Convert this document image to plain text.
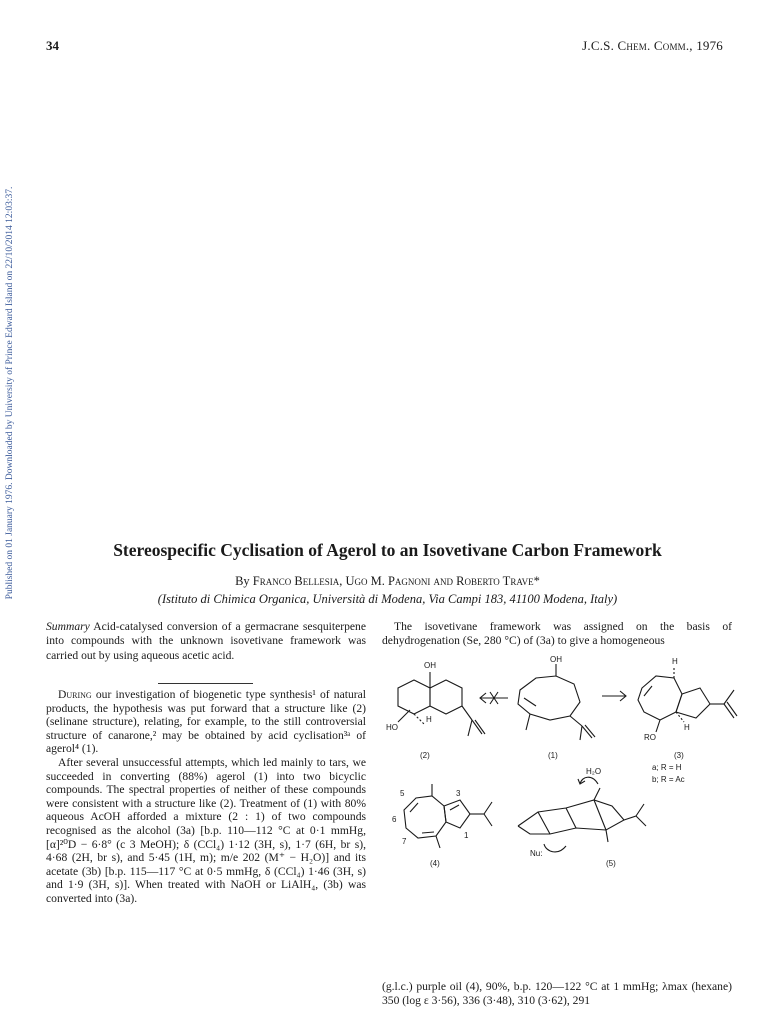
34	J.C.S. Chem. Comm., 1976
Published on 01 January 1976. Downloaded by University of Prince Edward Island on 22/10/2014 12:03:37.	Stereospecific Cyclisation of Agerol to an Isovetivane Carbon Framework
By Franco Bellesia, Ugo M. Pagnoni and Roberto Trave*
(Istituto di Chimica Organica, Università di Modena, Via Campi 183, 41100 Modena, Italy)
Summary Acid-catalysed conversion of a germacrane sesquiterpene into compounds with the unknown isovetivane framework was carried out by using aqueous acetic acid.

During our investigation of biogenetic type synthesis¹ of natural products, the hypothesis was put forward that a structure like (2) (selinane structure), relating, for example, to the still controversial structure of canarone,² may be obtained by acid cyclisation³ᵃ of agerol⁴ (1).

After several unsuccessful attempts, which led mainly to tars, we succeeded in converting (88%) agerol (1) into two bicyclic compounds. The spectral properties of neither of these compounds were consistent with a structure like (2). Treatment of (1) with 80% aqueous AcOH afforded a mixture (2 : 1) of two compounds recognised as the alcohol (3a) [b.p. 110—112 °C at 0·1 mmHg, [α]²⁰D − 6·8° (c 3 MeOH); δ (CCl₄) 1·12 (3H, s), 1·7 (6H, br s), 4·68 (2H, br s), and 5·45 (1H, m); m/e 202 (M⁺ − H₂O)] and its acetate (3b) [b.p. 115—117 °C at 0·5 mmHg, δ (CCl₄) 1·46 (3H, s) and 1·9 (3H, s)]. When treated with NaOH or LiAlH₄, (3b) was converted into (3a).

The isovetivane framework was assigned on the basis of dehydrogenation (Se, 280 °C) of (3a) to give a homogeneous

OH
HO
H
(2)
OH
(1)
H
H
RO
(3)
a; R = H
b; R = Ac
5	3
6
7
1
(4)
H₂O
Nu:
(5)

(g.l.c.) purple oil (4), 90%, b.p. 120—122 °C at 1 mmHg; λmax (hexane) 350 (log ε 3·56), 336 (3·48), 310 (3·62), 291
